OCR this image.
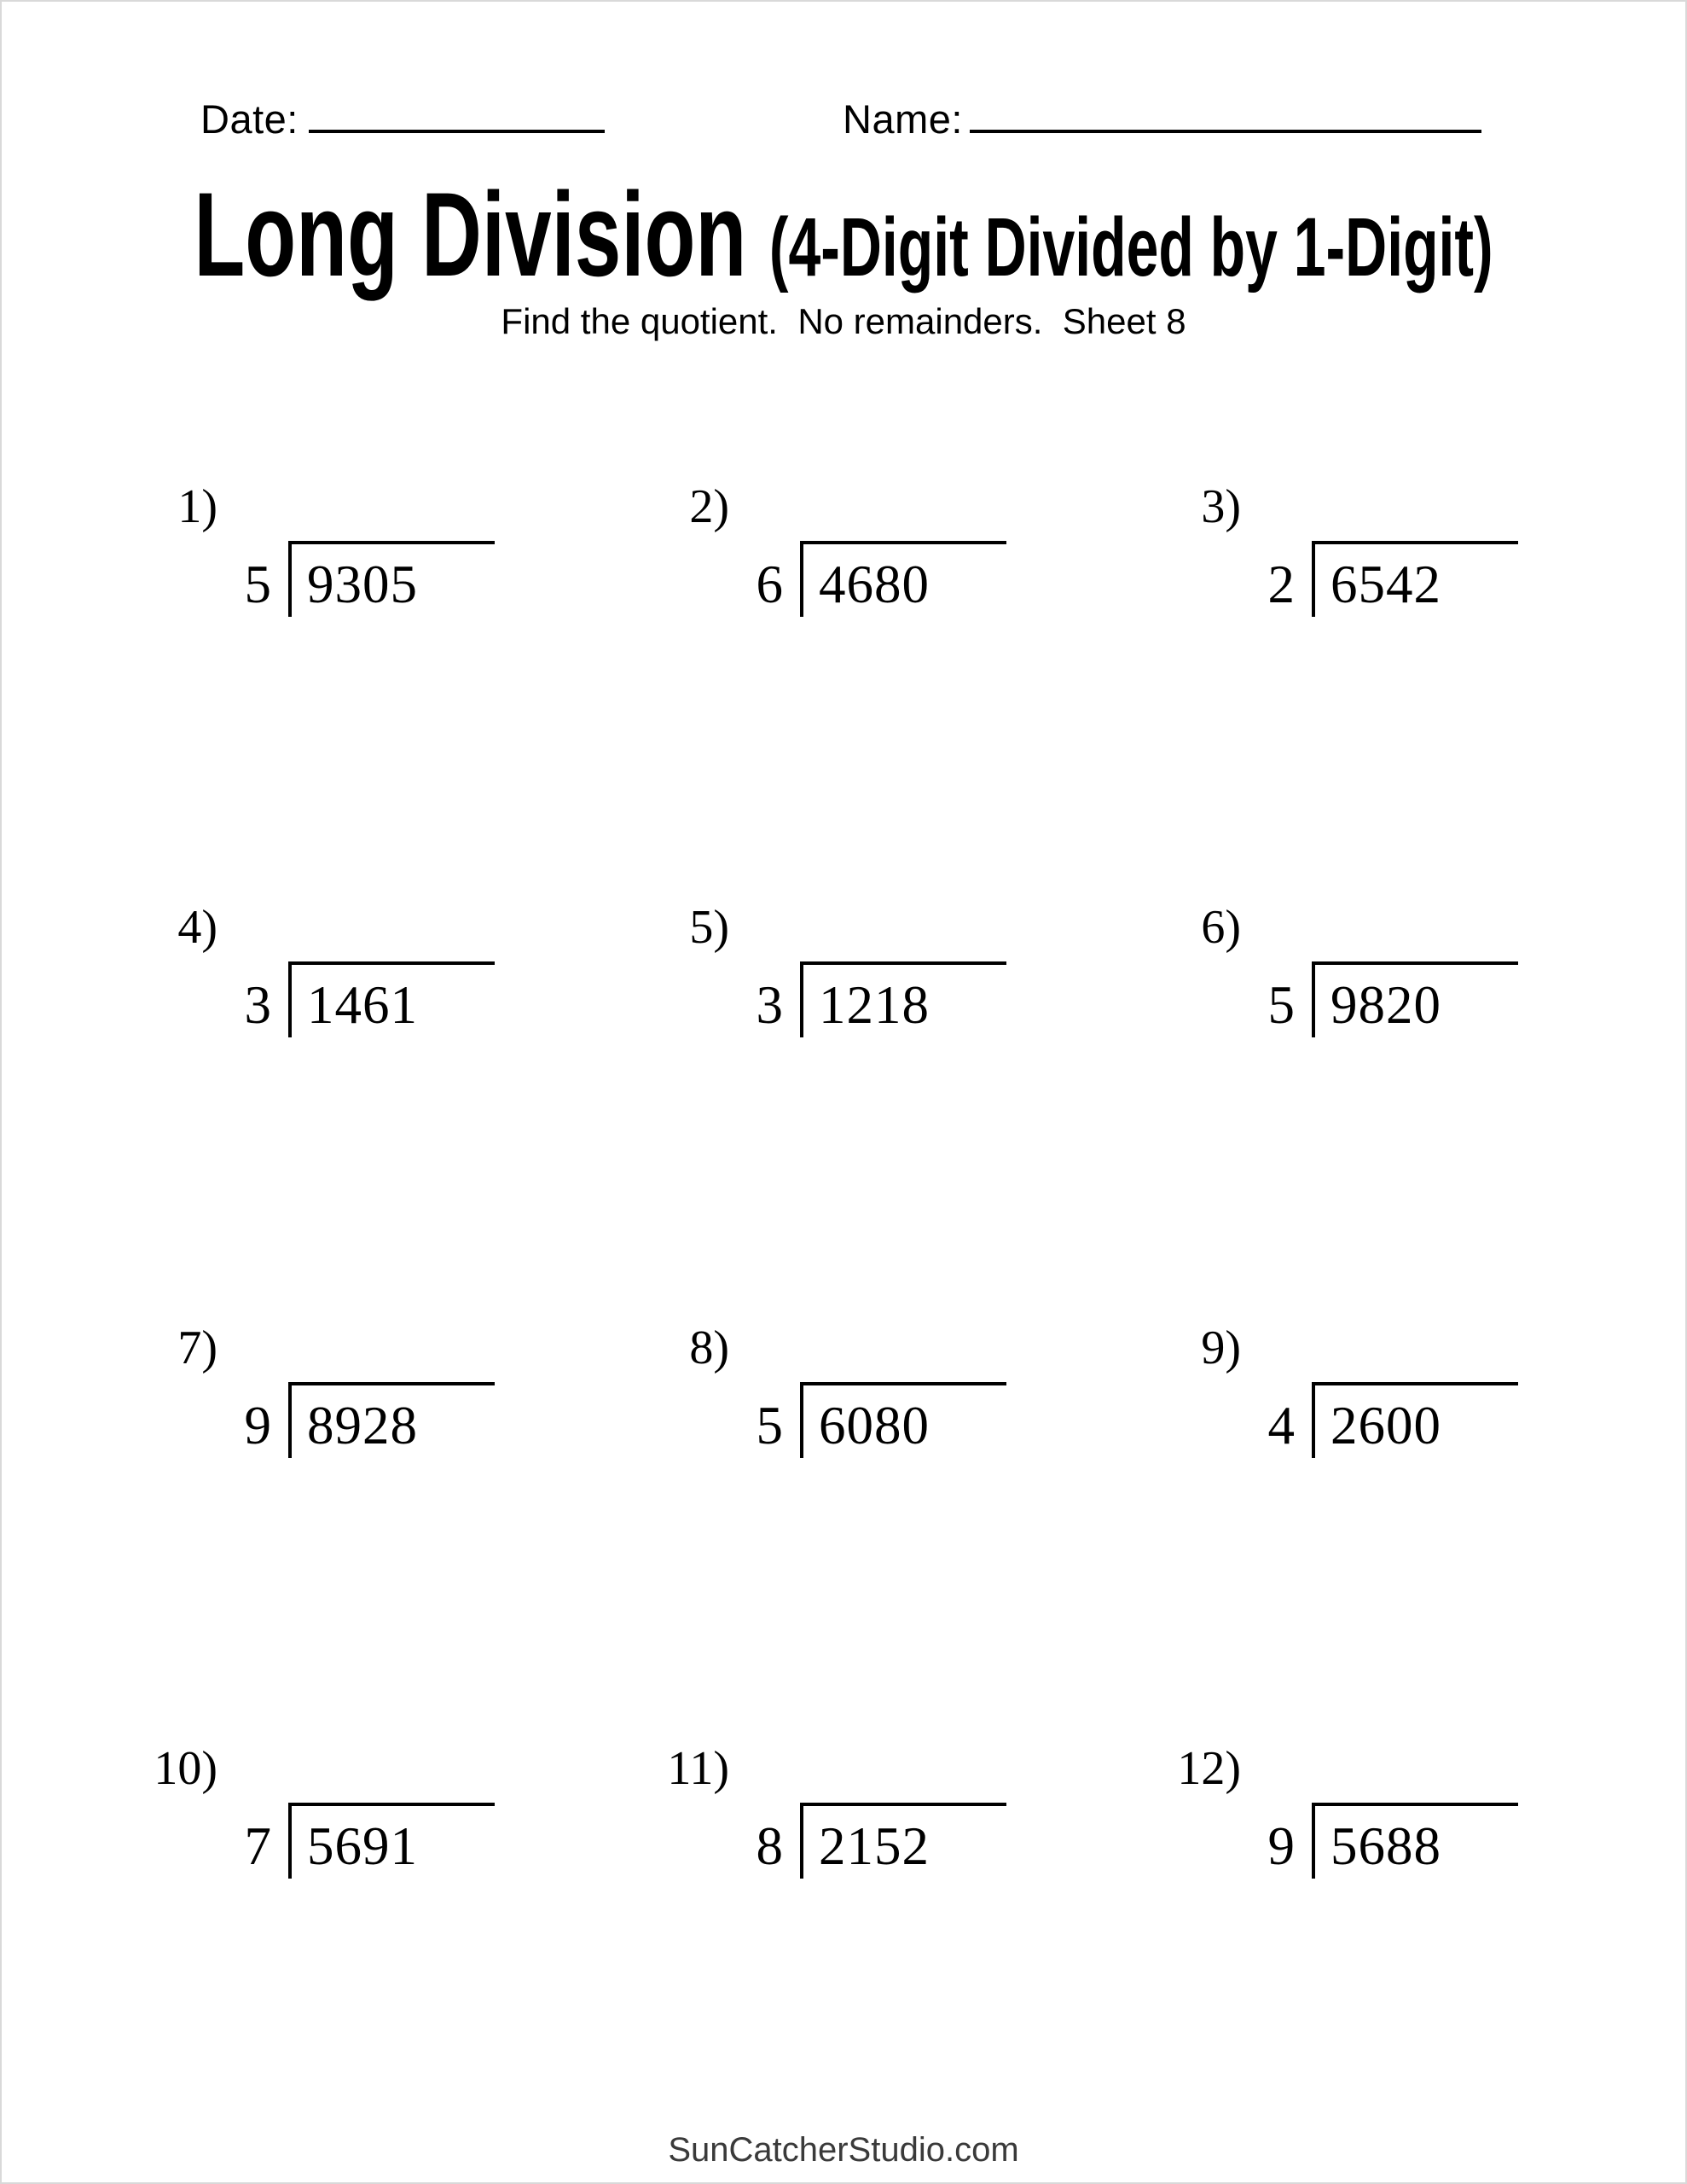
Date:	Name:
Long Division (4-Digit Divided by 1-Digit)
Find the quotient.  No remainders.  Sheet 8
1)
5 9305
2)
6 4680
3)
2 6542
4)
3 1461
5)
3 1218
6)
5 9820
7)
9 8928
8)
5 6080
9)
4 2600
10)
7 5691
11)
8 2152
12)
9 5688
SunCatcherStudio.com
